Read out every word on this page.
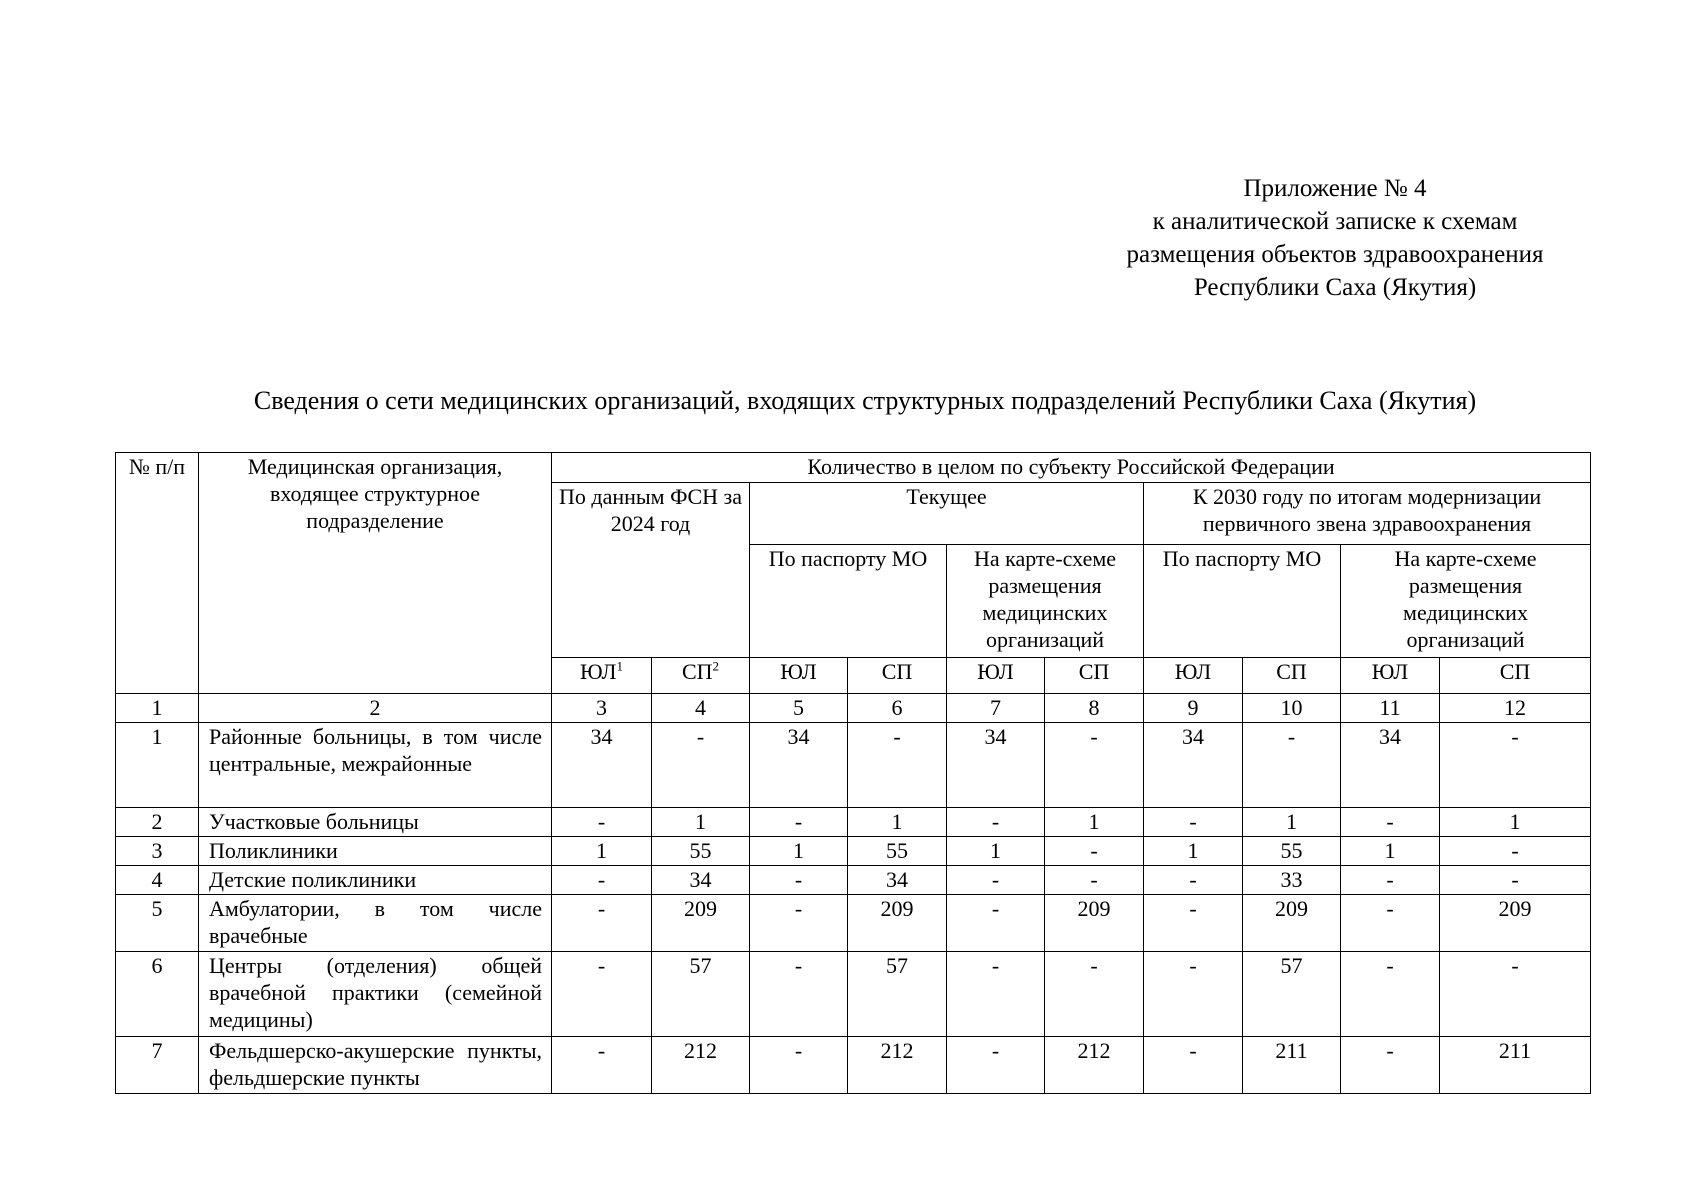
Приложение № 4
к аналитической записке к схемам
размещения объектов здравоохранения
Республики Саха (Якутия)
Сведения о сети медицинских организаций, входящих структурных подразделений Республики Саха (Якутия)
№ п/п	Медицинская организация, входящее структурное подразделение	Количество в целом по субъекту Российской Федерации									
		По данным ФСН за 2024 год		Текущее				К 2030 году по итогам модернизации первичного звена здравоохранения			
				По паспорту МО		На карте-схеме размещения медицинских организаций		По паспорту МО		На карте-схеме размещения медицинских организаций	
		$ЮЛ^1$	$СП^2$	ЮЛ	СП	ЮЛ	СП	ЮЛ	СП	ЮЛ	СП
1	2	3	4	5	6	7	8	9	10	11	12
1	Районные больницы, в том числе центральные, межрайонные	34	-	34	-	34	-	34	-	34	-
2	Участковые больницы	-	1	-	1	-	1	-	1	-	1
3	Поликлиники	1	55	1	55	1	-	1	55	1	-
4	Детские поликлиники	-	34	-	34	-	-	-	33	-	-
5	Амбулатории, в том числе врачебные	-	209	-	209	-	209	-	209	-	209
6	Центры (отделения) общей врачебной практики (семейной медицины)	-	57	-	57	-	-	-	57	-	-
7	Фельдшерско-акушерские пункты, фельдшерские пункты	-	212	-	212	-	212	-	211	-	211
